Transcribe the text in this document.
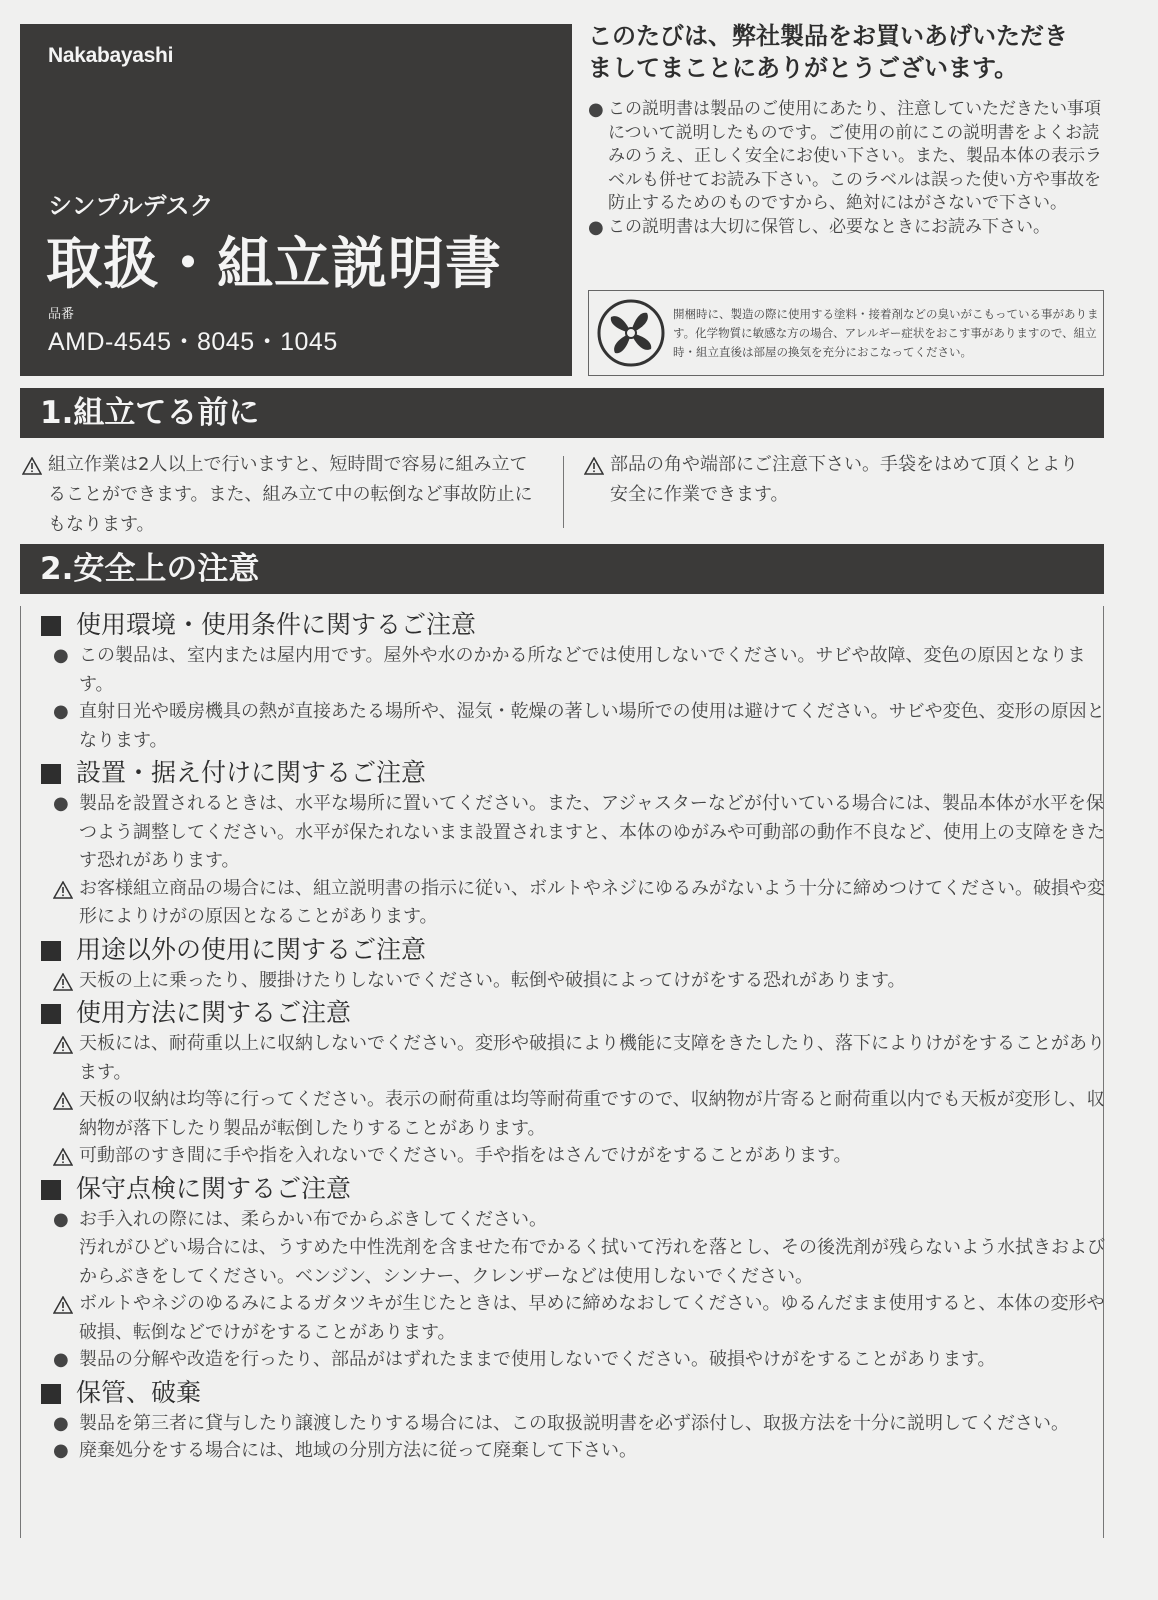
Nakabayashi
シンプルデスク
取扱・組立説明書
品番
AMD-4545・8045・1045
このたびは、弊社製品をお買いあげいただき
ましてまことにありがとうございます。
● この説明書は製品のご使用にあたり、注意していただきたい事項について説明したものです。ご使用の前にこの説明書をよくお読みのうえ、正しく安全にお使い下さい。また、製品本体の表示ラベルも併せてお読み下さい。このラベルは誤った使い方や事故を防止するためのものですから、絶対にはがさないで下さい。
● この説明書は大切に保管し、必要なときにお読み下さい。
開梱時に、製造の際に使用する塗料・接着剤などの臭いがこもっている事があります。化学物質に敏感な方の場合、アレルギー症状をおこす事がありますので、組立時・組立直後は部屋の換気を充分におこなってください。
1.組立てる前に
組立作業は2人以上で行いますと、短時間で容易に組み立てることができます。また、組み立て中の転倒など事故防止にもなります。
部品の角や端部にご注意下さい。手袋をはめて頂くとより安全に作業できます。
2.安全上の注意
使用環境・使用条件に関するご注意
● この製品は、室内または屋内用です。屋外や水のかかる所などでは使用しないでください。サビや故障、変色の原因となります。
● 直射日光や暖房機具の熱が直接あたる場所や、湿気・乾燥の著しい場所での使用は避けてください。サビや変色、変形の原因となります。
設置・据え付けに関するご注意
● 製品を設置されるときは、水平な場所に置いてください。また、アジャスターなどが付いている場合には、製品本体が水平を保つよう調整してください。水平が保たれないまま設置されますと、本体のゆがみや可動部の動作不良など、使用上の支障をきたす恐れがあります。
お客様組立商品の場合には、組立説明書の指示に従い、ボルトやネジにゆるみがないよう十分に締めつけてください。破損や変形によりけがの原因となることがあります。
用途以外の使用に関するご注意
天板の上に乗ったり、腰掛けたりしないでください。転倒や破損によってけがをする恐れがあります。
使用方法に関するご注意
天板には、耐荷重以上に収納しないでください。変形や破損により機能に支障をきたしたり、落下によりけがをすることがあります。
天板の収納は均等に行ってください。表示の耐荷重は均等耐荷重ですので、収納物が片寄ると耐荷重以内でも天板が変形し、収納物が落下したり製品が転倒したりすることがあります。
可動部のすき間に手や指を入れないでください。手や指をはさんでけがをすることがあります。
保守点検に関するご注意
● お手入れの際には、柔らかい布でからぶきしてください。
汚れがひどい場合には、うすめた中性洗剤を含ませた布でかるく拭いて汚れを落とし、その後洗剤が残らないよう水拭きおよびからぶきをしてください。ベンジン、シンナー、クレンザーなどは使用しないでください。
ボルトやネジのゆるみによるガタツキが生じたときは、早めに締めなおしてください。ゆるんだまま使用すると、本体の変形や破損、転倒などでけがをすることがあります。
● 製品の分解や改造を行ったり、部品がはずれたままで使用しないでください。破損やけがをすることがあります。
保管、破棄
● 製品を第三者に貸与したり譲渡したりする場合には、この取扱説明書を必ず添付し、取扱方法を十分に説明してください。
● 廃棄処分をする場合には、地域の分別方法に従って廃棄して下さい。
